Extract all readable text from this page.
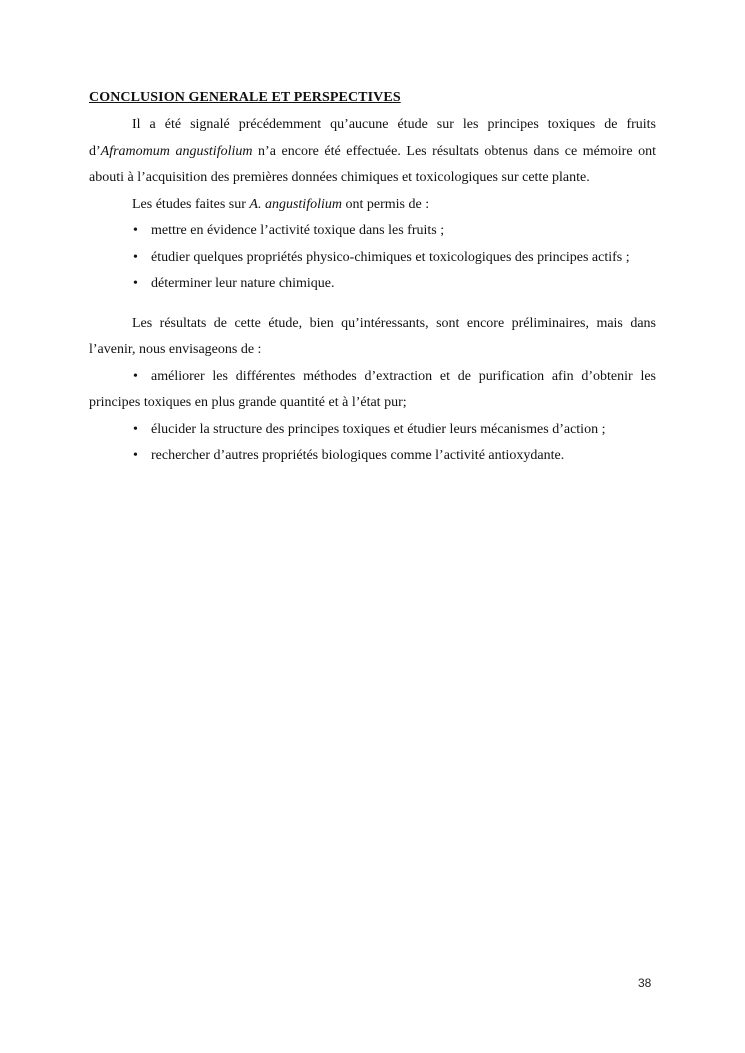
CONCLUSION GENERALE ET PERSPECTIVES

Il a été signalé précédemment qu’aucune étude sur les principes toxiques de fruits d’Aframomum angustifolium n’a encore été effectuée. Les résultats obtenus dans ce mémoire ont abouti à l’acquisition des premières données chimiques et toxicologiques sur cette plante.

Les études faites sur A. angustifolium ont permis de :

• mettre en évidence l’activité toxique dans les fruits ;
• étudier quelques propriétés physico-chimiques et toxicologiques des principes actifs ;
• déterminer leur nature chimique.

Les résultats de cette étude, bien qu’intéressants, sont encore préliminaires, mais dans l’avenir, nous envisageons de :

• améliorer les différentes méthodes d’extraction et de purification afin d’obtenir les principes toxiques en plus grande quantité et à l’état pur;
• élucider la structure des principes toxiques et étudier leurs mécanismes d’action ;
• rechercher d’autres propriétés biologiques comme l’activité antioxydante.
38
